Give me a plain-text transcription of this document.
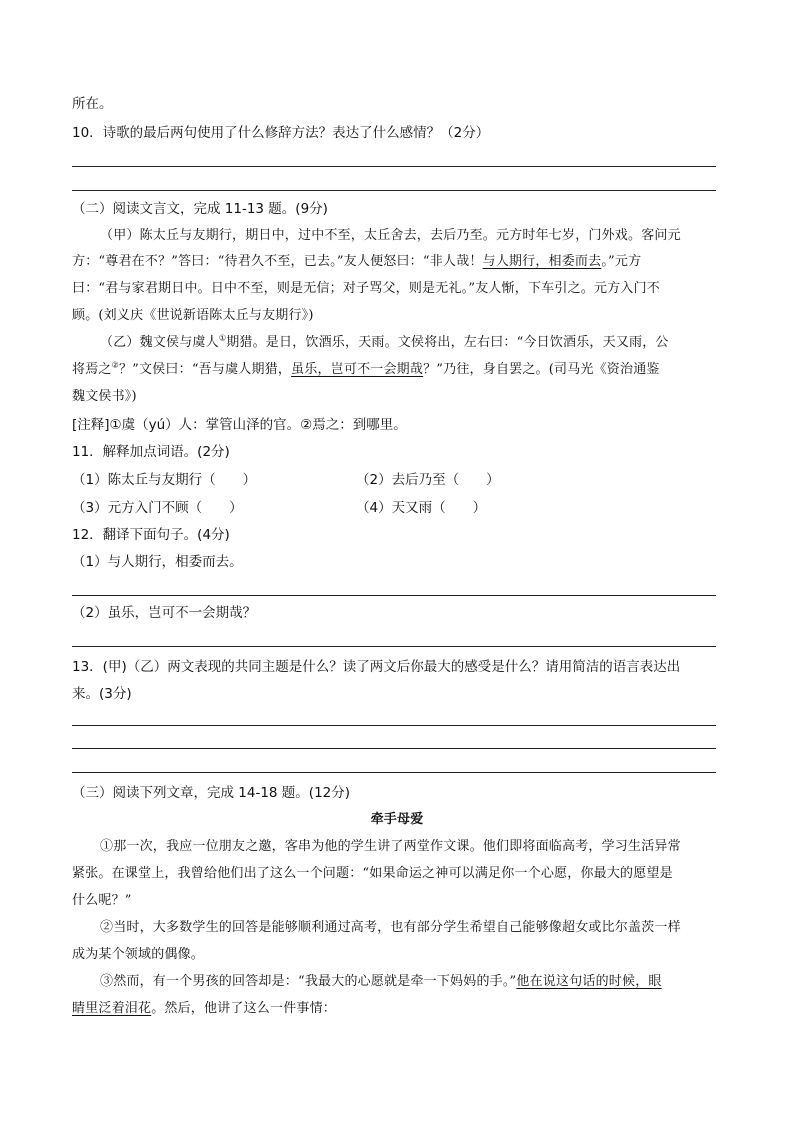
所在。
10．诗歌的最后两句使用了什么修辞方法？表达了什么感情？（2分）
（二）阅读文言文，完成 11-13 题。(9分)
（甲）陈太丘与友期行，期日中，过中不至，太丘舍去，去后乃至。元方时年七岁，门外戏。客问元
方：“尊君在不？”答曰：“待君久不至，已去。”友人便怒曰：“非人哉！与人期行，相委而去。”元方
曰：“君与家君期日中。日中不至，则是无信；对子骂父，则是无礼。”友人惭，下车引之。元方入门不
顾。(刘义庆《世说新语陈太丘与友期行》)
（乙）魏文侯与虞人①期猎。是日，饮酒乐，天雨。文侯将出，左右曰：“今日饮酒乐，天又雨，公
将焉之②？”文侯曰：“吾与虞人期猎，虽乐，岂可不一会期哉？”乃往，身自罢之。(司马光《资治通鉴
魏文侯书》)
[注释]①虞（yú）人：掌管山泽的官。②焉之：到哪里。
11．解释加点词语。(2分)
（1）陈太丘与友期行（　　）	（2）去后乃至（　　）
（3）元方入门不顾（　　）	（4）天又雨（　　）
12．翻译下面句子。(4分)
（1）与人期行，相委而去。
（2）虽乐，岂可不一会期哉？
13．(甲)（乙）两文表现的共同主题是什么？读了两文后你最大的感受是什么？请用简洁的语言表达出
来。(3分)
（三）阅读下列文章，完成 14-18 题。(12分)
牵手母爱
①那一次，我应一位朋友之邀，客串为他的学生讲了两堂作文课。他们即将面临高考，学习生活异常
紧张。在课堂上，我曾给他们出了这么一个问题：“如果命运之神可以满足你一个心愿，你最大的愿望是
什么呢？”
②当时，大多数学生的回答是能够顺利通过高考，也有部分学生希望自己能够像超女或比尔盖茨一样
成为某个领域的偶像。
③然而，有一个男孩的回答却是：“我最大的心愿就是牵一下妈妈的手。”他在说这句话的时候，眼
睛里泛着泪花。然后，他讲了这么一件事情：
